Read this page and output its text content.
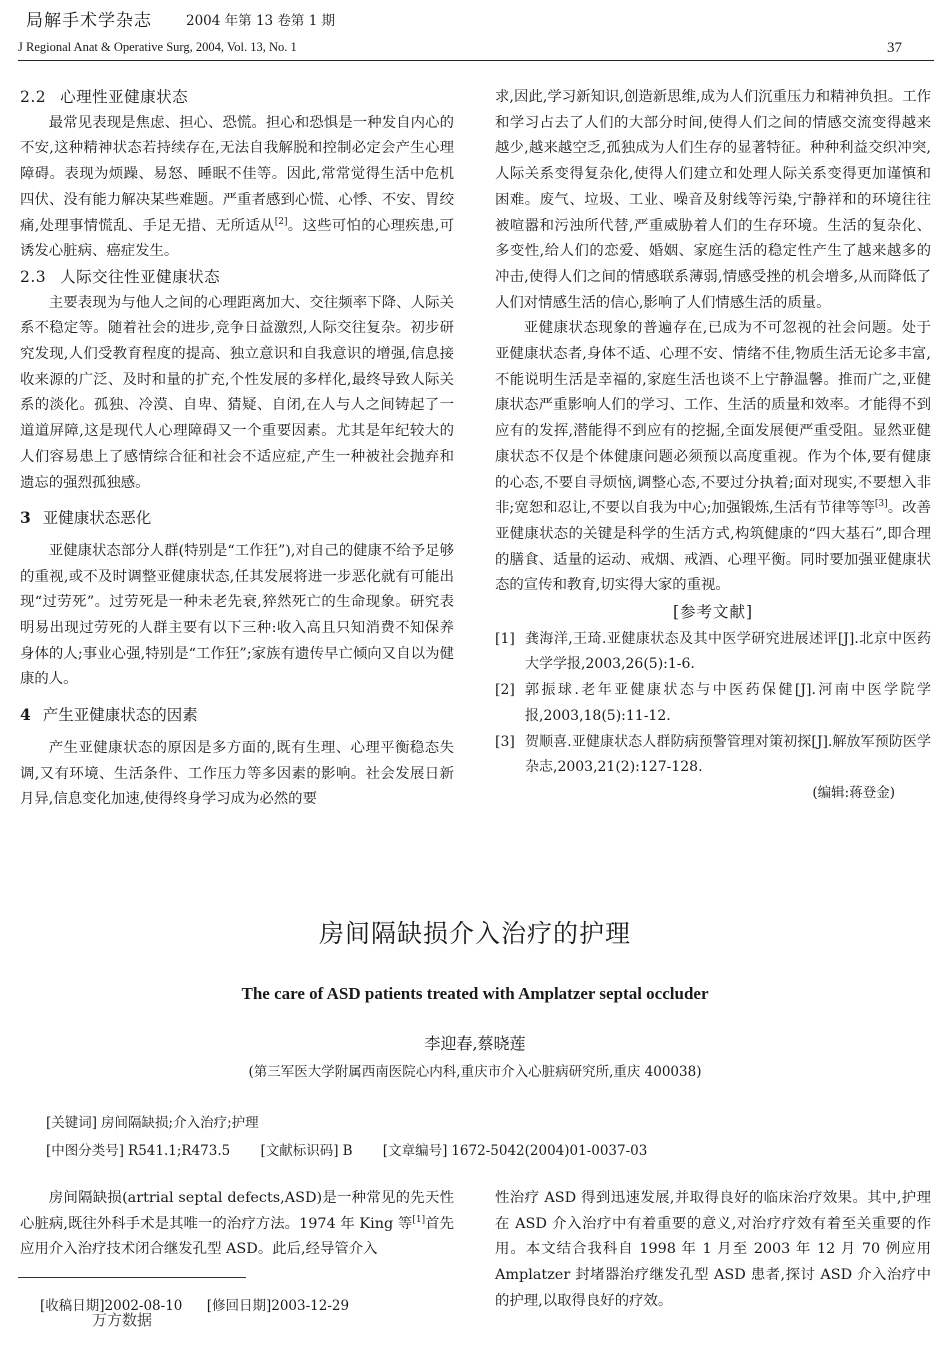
局解手术学杂志	2004 年第 13 卷第 1 期
J Regional Anat & Operative Surg, 2004, Vol. 13, No. 1	37
2.2 心理性亚健康状态

最常见表现是焦虑、担心、恐慌。担心和恐惧是一种发自内心的不安,这种精神状态若持续存在,无法自我解脱和控制必定会产生心理障碍。表现为烦躁、易怒、睡眠不佳等。因此,常常觉得生活中危机四伏、没有能力解决某些难题。严重者感到心慌、心悸、不安、胃绞痛,处理事情慌乱、手足无措、无所适从[2]。这些可怕的心理疾患,可诱发心脏病、癌症发生。

2.3 人际交往性亚健康状态

主要表现为与他人之间的心理距离加大、交往频率下降、人际关系不稳定等。随着社会的进步,竞争日益激烈,人际交往复杂。初步研究发现,人们受教育程度的提高、独立意识和自我意识的增强,信息接收来源的广泛、及时和量的扩充,个性发展的多样化,最终导致人际关系的淡化。孤独、冷漠、自卑、猜疑、自闭,在人与人之间铸起了一道道屏障,这是现代人心理障碍又一个重要因素。尤其是年纪较大的人们容易患上了感情综合征和社会不适应症,产生一种被社会抛弃和遗忘的强烈孤独感。

3 亚健康状态恶化

亚健康状态部分人群(特别是“工作狂”),对自己的健康不给予足够的重视,或不及时调整亚健康状态,任其发展将进一步恶化就有可能出现“过劳死”。过劳死是一种未老先衰,猝然死亡的生命现象。研究表明易出现过劳死的人群主要有以下三种:收入高且只知消费不知保养身体的人;事业心强,特别是“工作狂”;家族有遗传早亡倾向又自以为健康的人。

4 产生亚健康状态的因素

产生亚健康状态的原因是多方面的,既有生理、心理平衡稳态失调,又有环境、生活条件、工作压力等多因素的影响。社会发展日新月异,信息变化加速,使得终身学习成为必然的要

求,因此,学习新知识,创造新思维,成为人们沉重压力和精神负担。工作和学习占去了人们的大部分时间,使得人们之间的情感交流变得越来越少,越来越空乏,孤独成为人们生存的显著特征。种种利益交织冲突,人际关系变得复杂化,使得人们建立和处理人际关系变得更加谨慎和困难。废气、垃圾、工业、噪音及射线等污染,宁静祥和的环境往往被喧嚣和污浊所代替,严重威胁着人们的生存环境。生活的复杂化、多变性,给人们的恋爱、婚姻、家庭生活的稳定性产生了越来越多的冲击,使得人们之间的情感联系薄弱,情感受挫的机会增多,从而降低了人们对情感生活的信心,影响了人们情感生活的质量。

亚健康状态现象的普遍存在,已成为不可忽视的社会问题。处于亚健康状态者,身体不适、心理不安、情绪不佳,物质生活无论多丰富,不能说明生活是幸福的,家庭生活也谈不上宁静温馨。推而广之,亚健康状态严重影响人们的学习、工作、生活的质量和效率。才能得不到应有的发挥,潜能得不到应有的挖掘,全面发展便严重受阻。显然亚健康状态不仅是个体健康问题必须预以高度重视。作为个体,要有健康的心态,不要自寻烦恼,调整心态,不要过分执着;面对现实,不要想入非非;宽恕和忍让,不要以自我为中心;加强锻炼,生活有节律等等[3]。改善亚健康状态的关键是科学的生活方式,构筑健康的“四大基石”,即合理的膳食、适量的运动、戒烟、戒酒、心理平衡。同时要加强亚健康状态的宣传和教育,切实得大家的重视。

[参考文献]
[1] 龚海洋,王琦.亚健康状态及其中医学研究进展述评[J].北京中医药大学学报,2003,26(5):1-6.
[2] 郭振球.老年亚健康状态与中医药保健[J].河南中医学院学报,2003,18(5):11-12.
[3] 贺顺喜.亚健康状态人群防病预警管理对策初探[J].解放军预防医学杂志,2003,21(2):127-128.
(编辑:蒋登金)
房间隔缺损介入治疗的护理
The care of ASD patients treated with Amplatzer septal occluder
李迎春,蔡晓莲
(第三军医大学附属西南医院心内科,重庆市介入心脏病研究所,重庆 400038)
[关键词] 房间隔缺损;介入治疗;护理
[中图分类号] R541.1;R473.5 [文献标识码] B [文章编号] 1672-5042(2004)01-0037-03

房间隔缺损(artrial septal defects,ASD)是一种常见的先天性心脏病,既往外科手术是其唯一的治疗方法。1974 年 King 等[1]首先应用介入治疗技术闭合继发孔型 ASD。此后,经导管介入

性治疗 ASD 得到迅速发展,并取得良好的临床治疗效果。其中,护理在 ASD 介入治疗中有着重要的意义,对治疗疗效有着至关重要的作用。本文结合我科自 1998 年 1 月至 2003 年 12 月 70 例应用 Amplatzer 封堵器治疗继发孔型 ASD 患者,探讨 ASD 介入治疗中的护理,以取得良好的疗效。

[收稿日期]2002-08-10 [修回日期]2003-12-29
万方数据
